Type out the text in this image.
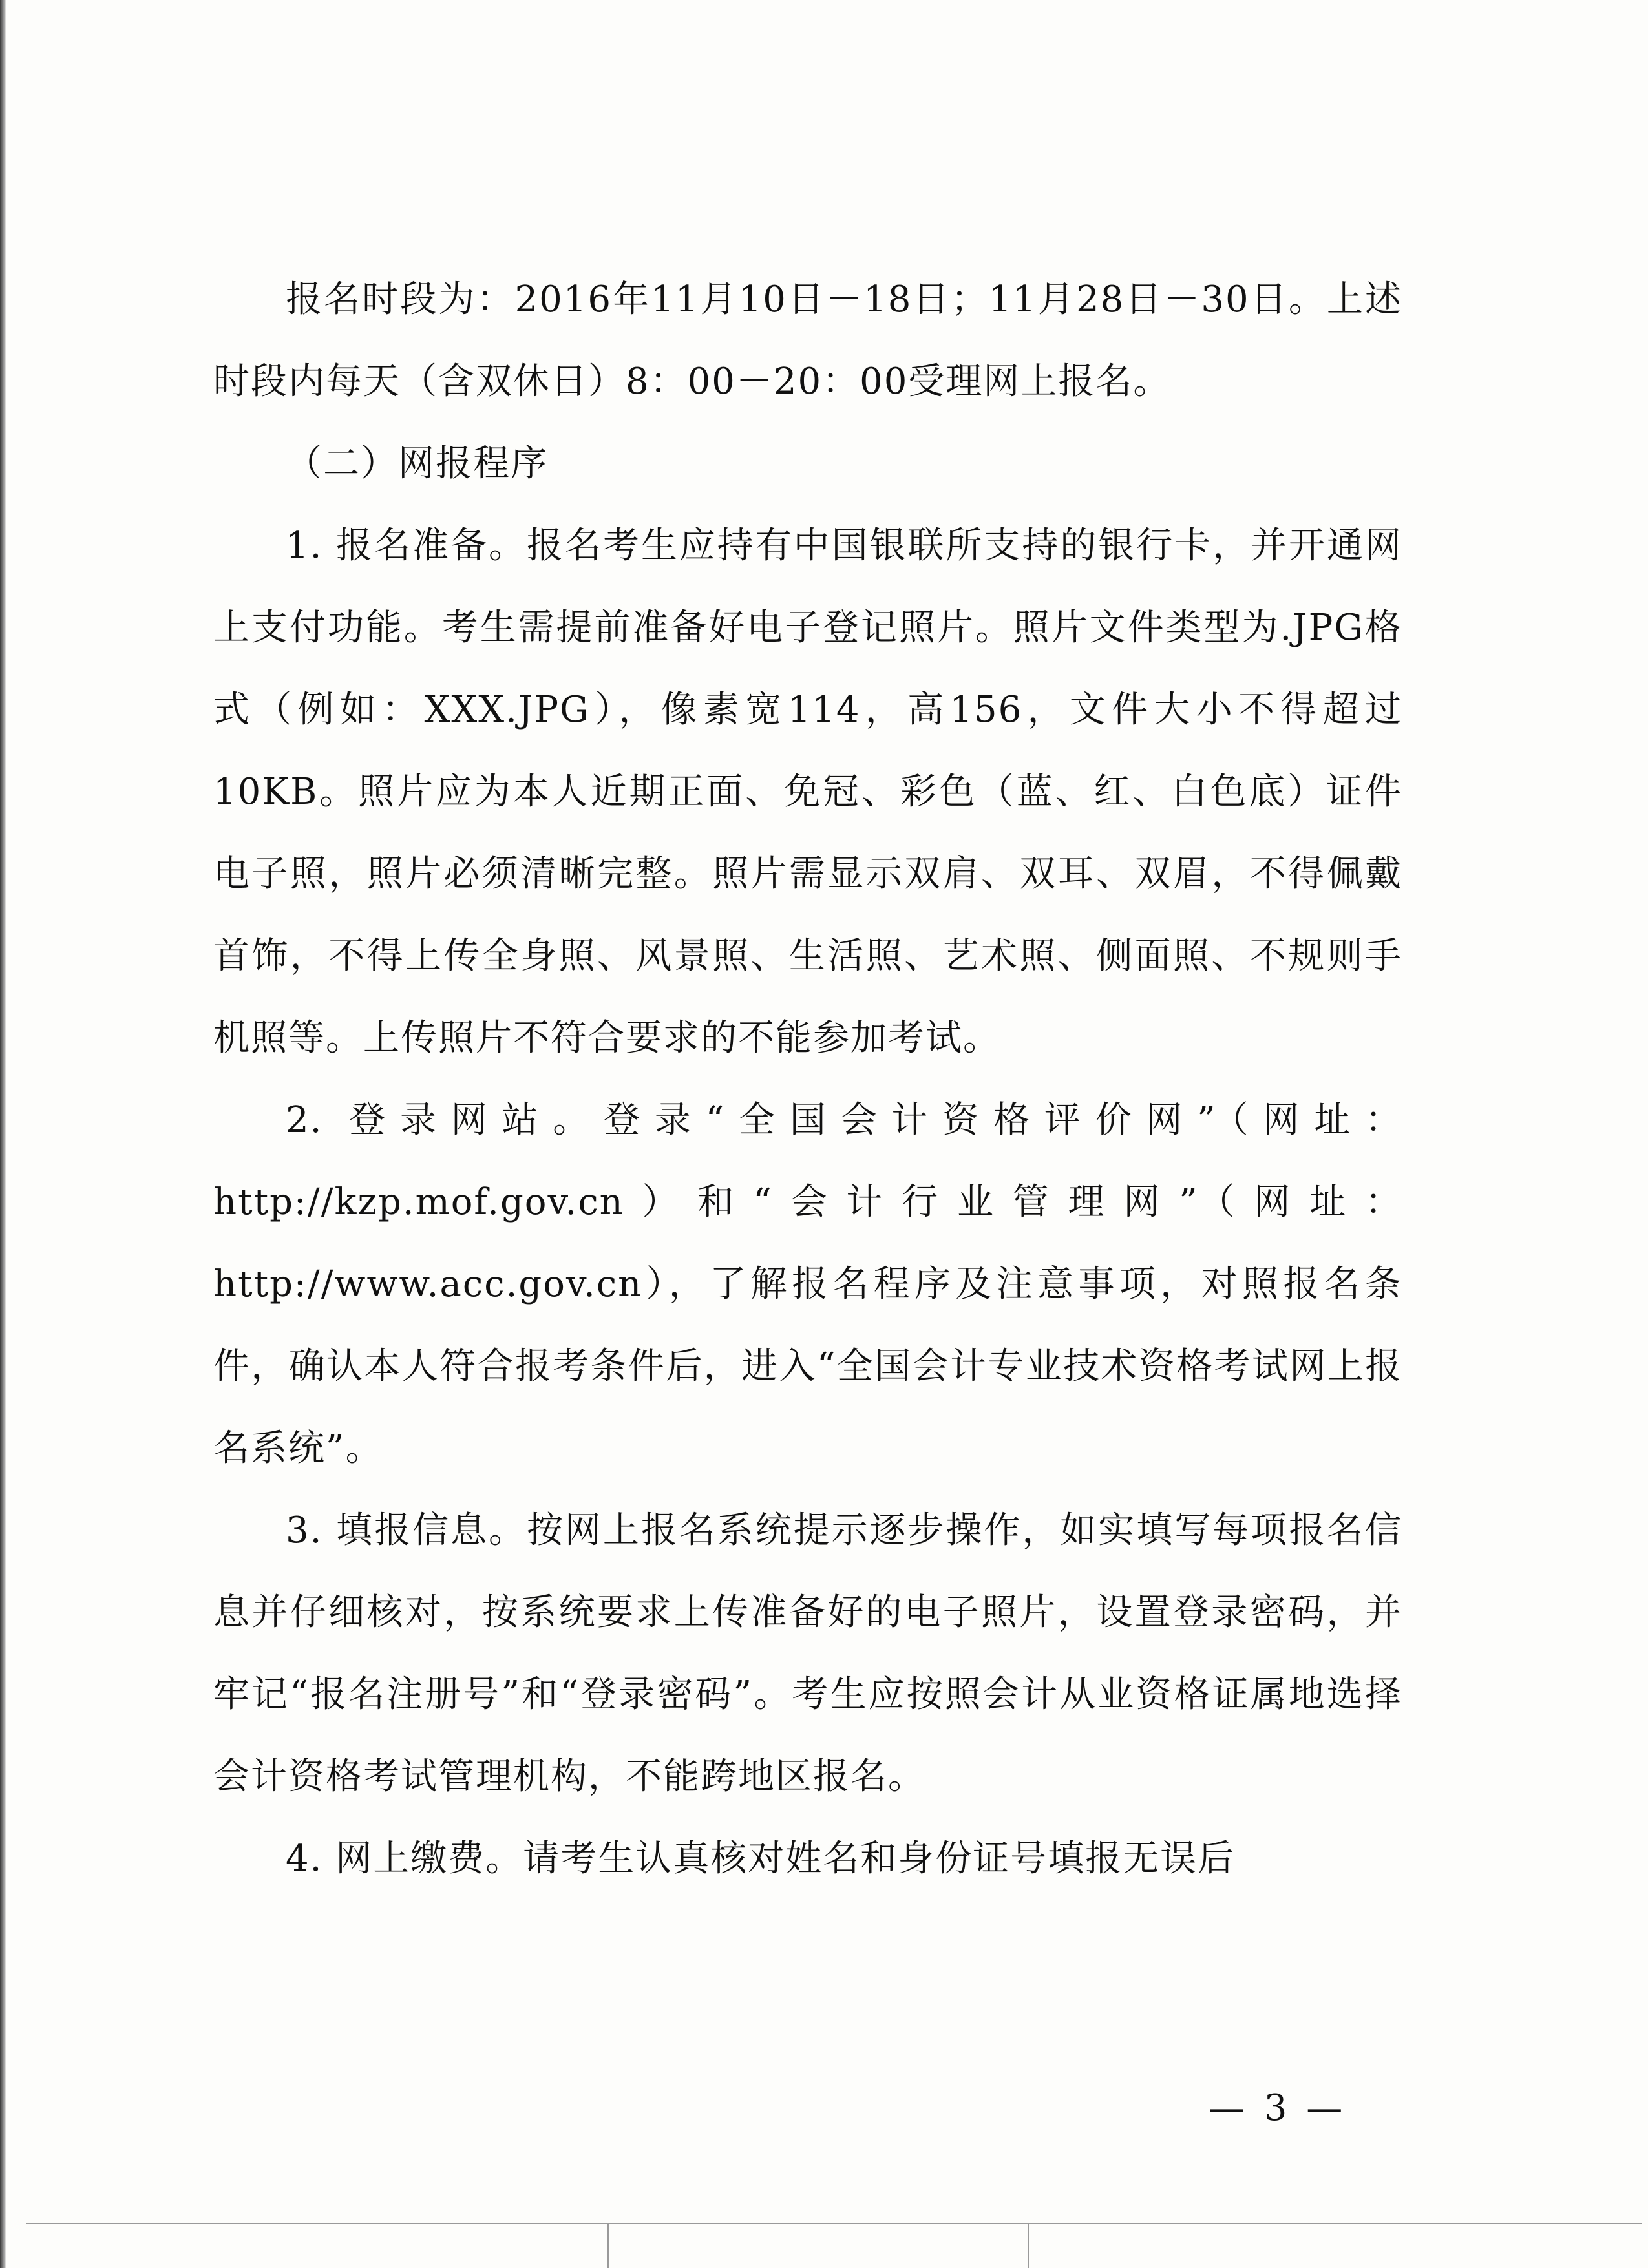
报名时段为：2016年11月10日－18日；11月28日－30日。上述时段内每天（含双休日）8：00－20：00受理网上报名。

（二）网报程序

1. 报名准备。报名考生应持有中国银联所支持的银行卡，并开通网上支付功能。考生需提前准备好电子登记照片。照片文件类型为.JPG格式（例如：XXX.JPG），像素宽114，高156，文件大小不得超过10KB。照片应为本人近期正面、免冠、彩色（蓝、红、白色底）证件电子照，照片必须清晰完整。照片需显示双肩、双耳、双眉，不得佩戴首饰，不得上传全身照、风景照、生活照、艺术照、侧面照、不规则手机照等。上传照片不符合要求的不能参加考试。

2. 登录网站。登录“全国会计资格评价网”（网址：http://kzp.mof.gov.cn）和“会计行业管理网”（网址：http://www.acc.gov.cn），了解报名程序及注意事项，对照报名条件，确认本人符合报考条件后，进入“全国会计专业技术资格考试网上报名系统”。

3. 填报信息。按网上报名系统提示逐步操作，如实填写每项报名信息并仔细核对，按系统要求上传准备好的电子照片，设置登录密码，并牢记“报名注册号”和“登录密码”。考生应按照会计从业资格证属地选择会计资格考试管理机构，不能跨地区报名。

4. 网上缴费。请考生认真核对姓名和身份证号填报无误后

— 3 —
